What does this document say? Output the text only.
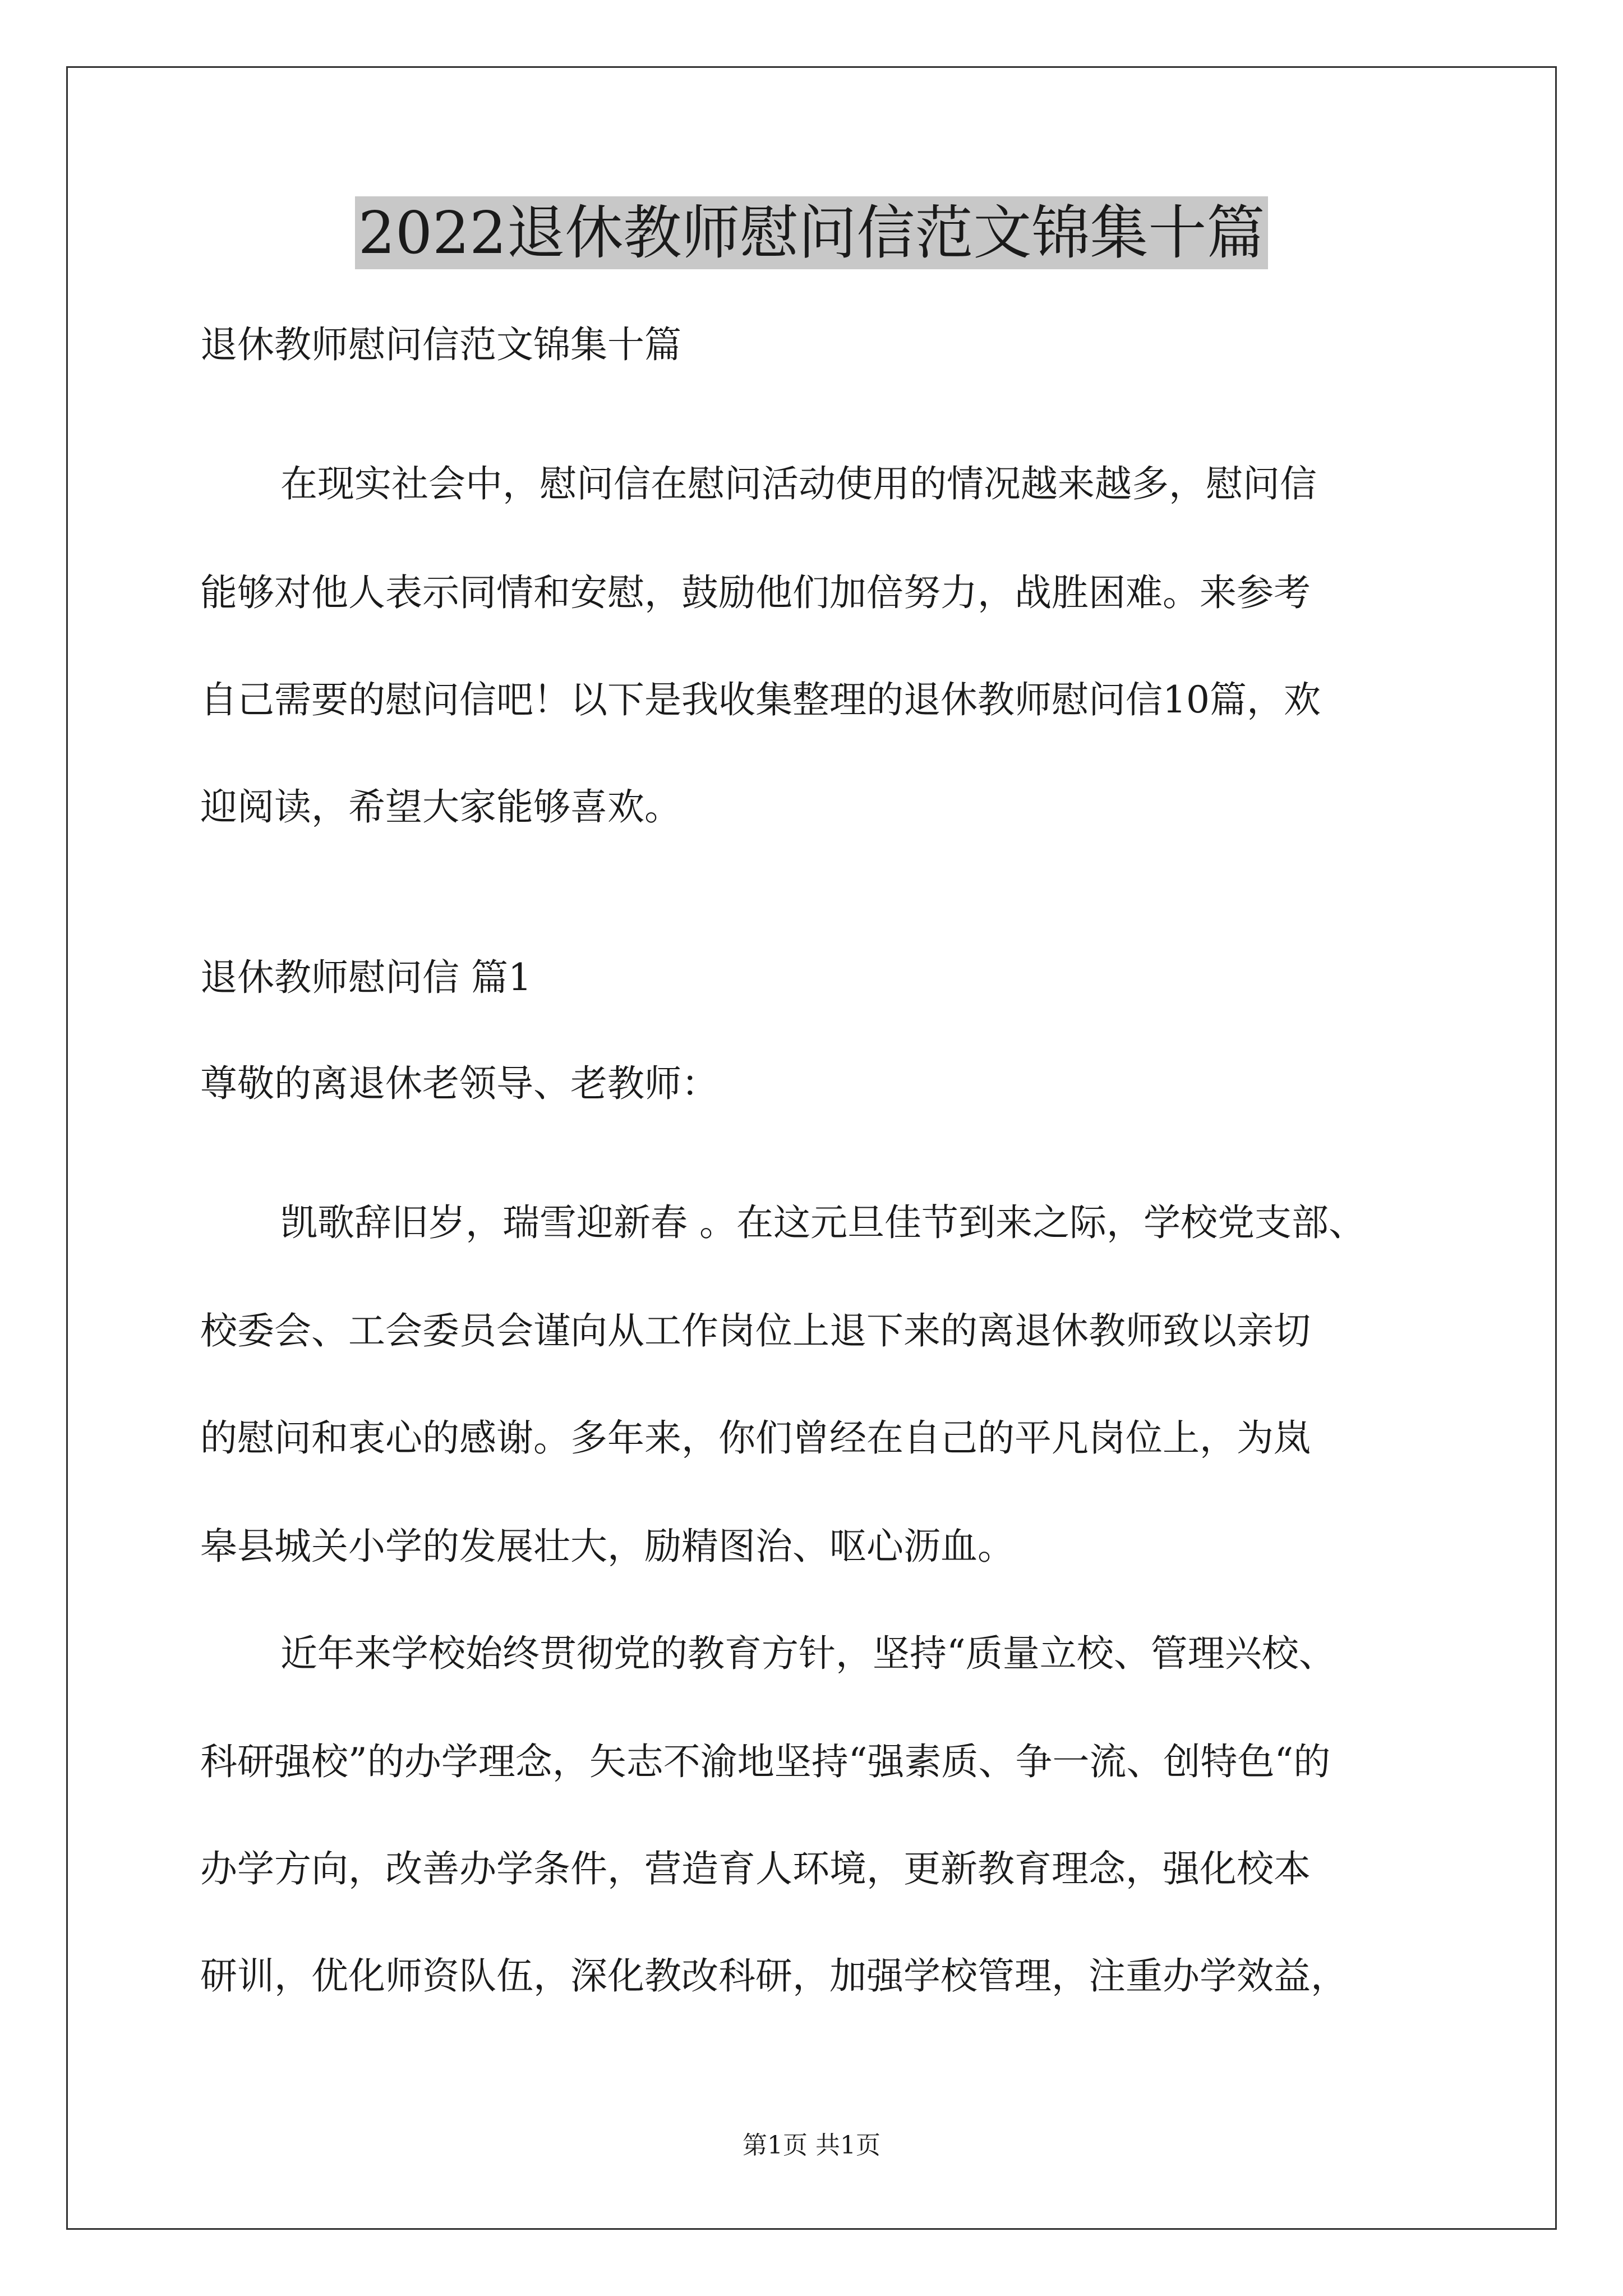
2022退休教师慰问信范文锦集十篇

退休教师慰问信范文锦集十篇

在现实社会中，慰问信在慰问活动使用的情况越来越多，慰问信

能够对他人表示同情和安慰，鼓励他们加倍努力，战胜困难。来参考

自己需要的慰问信吧！以下是我收集整理的退休教师慰问信10篇，欢

迎阅读，希望大家能够喜欢。

退休教师慰问信 篇1

尊敬的离退休老领导、老教师：

凯歌辞旧岁，瑞雪迎新春 。在这元旦佳节到来之际，学校党支部、

校委会、工会委员会谨向从工作岗位上退下来的离退休教师致以亲切

的慰问和衷心的感谢。多年来，你们曾经在自己的平凡岗位上，为岚

皋县城关小学的发展壮大，励精图治、呕心沥血。

近年来学校始终贯彻党的教育方针，坚持“质量立校、管理兴校、

科研强校”的办学理念，矢志不渝地坚持“强素质、争一流、创特色“的

办学方向，改善办学条件，营造育人环境，更新教育理念，强化校本

研训，优化师资队伍，深化教改科研，加强学校管理，注重办学效益，

第1页 共1页
